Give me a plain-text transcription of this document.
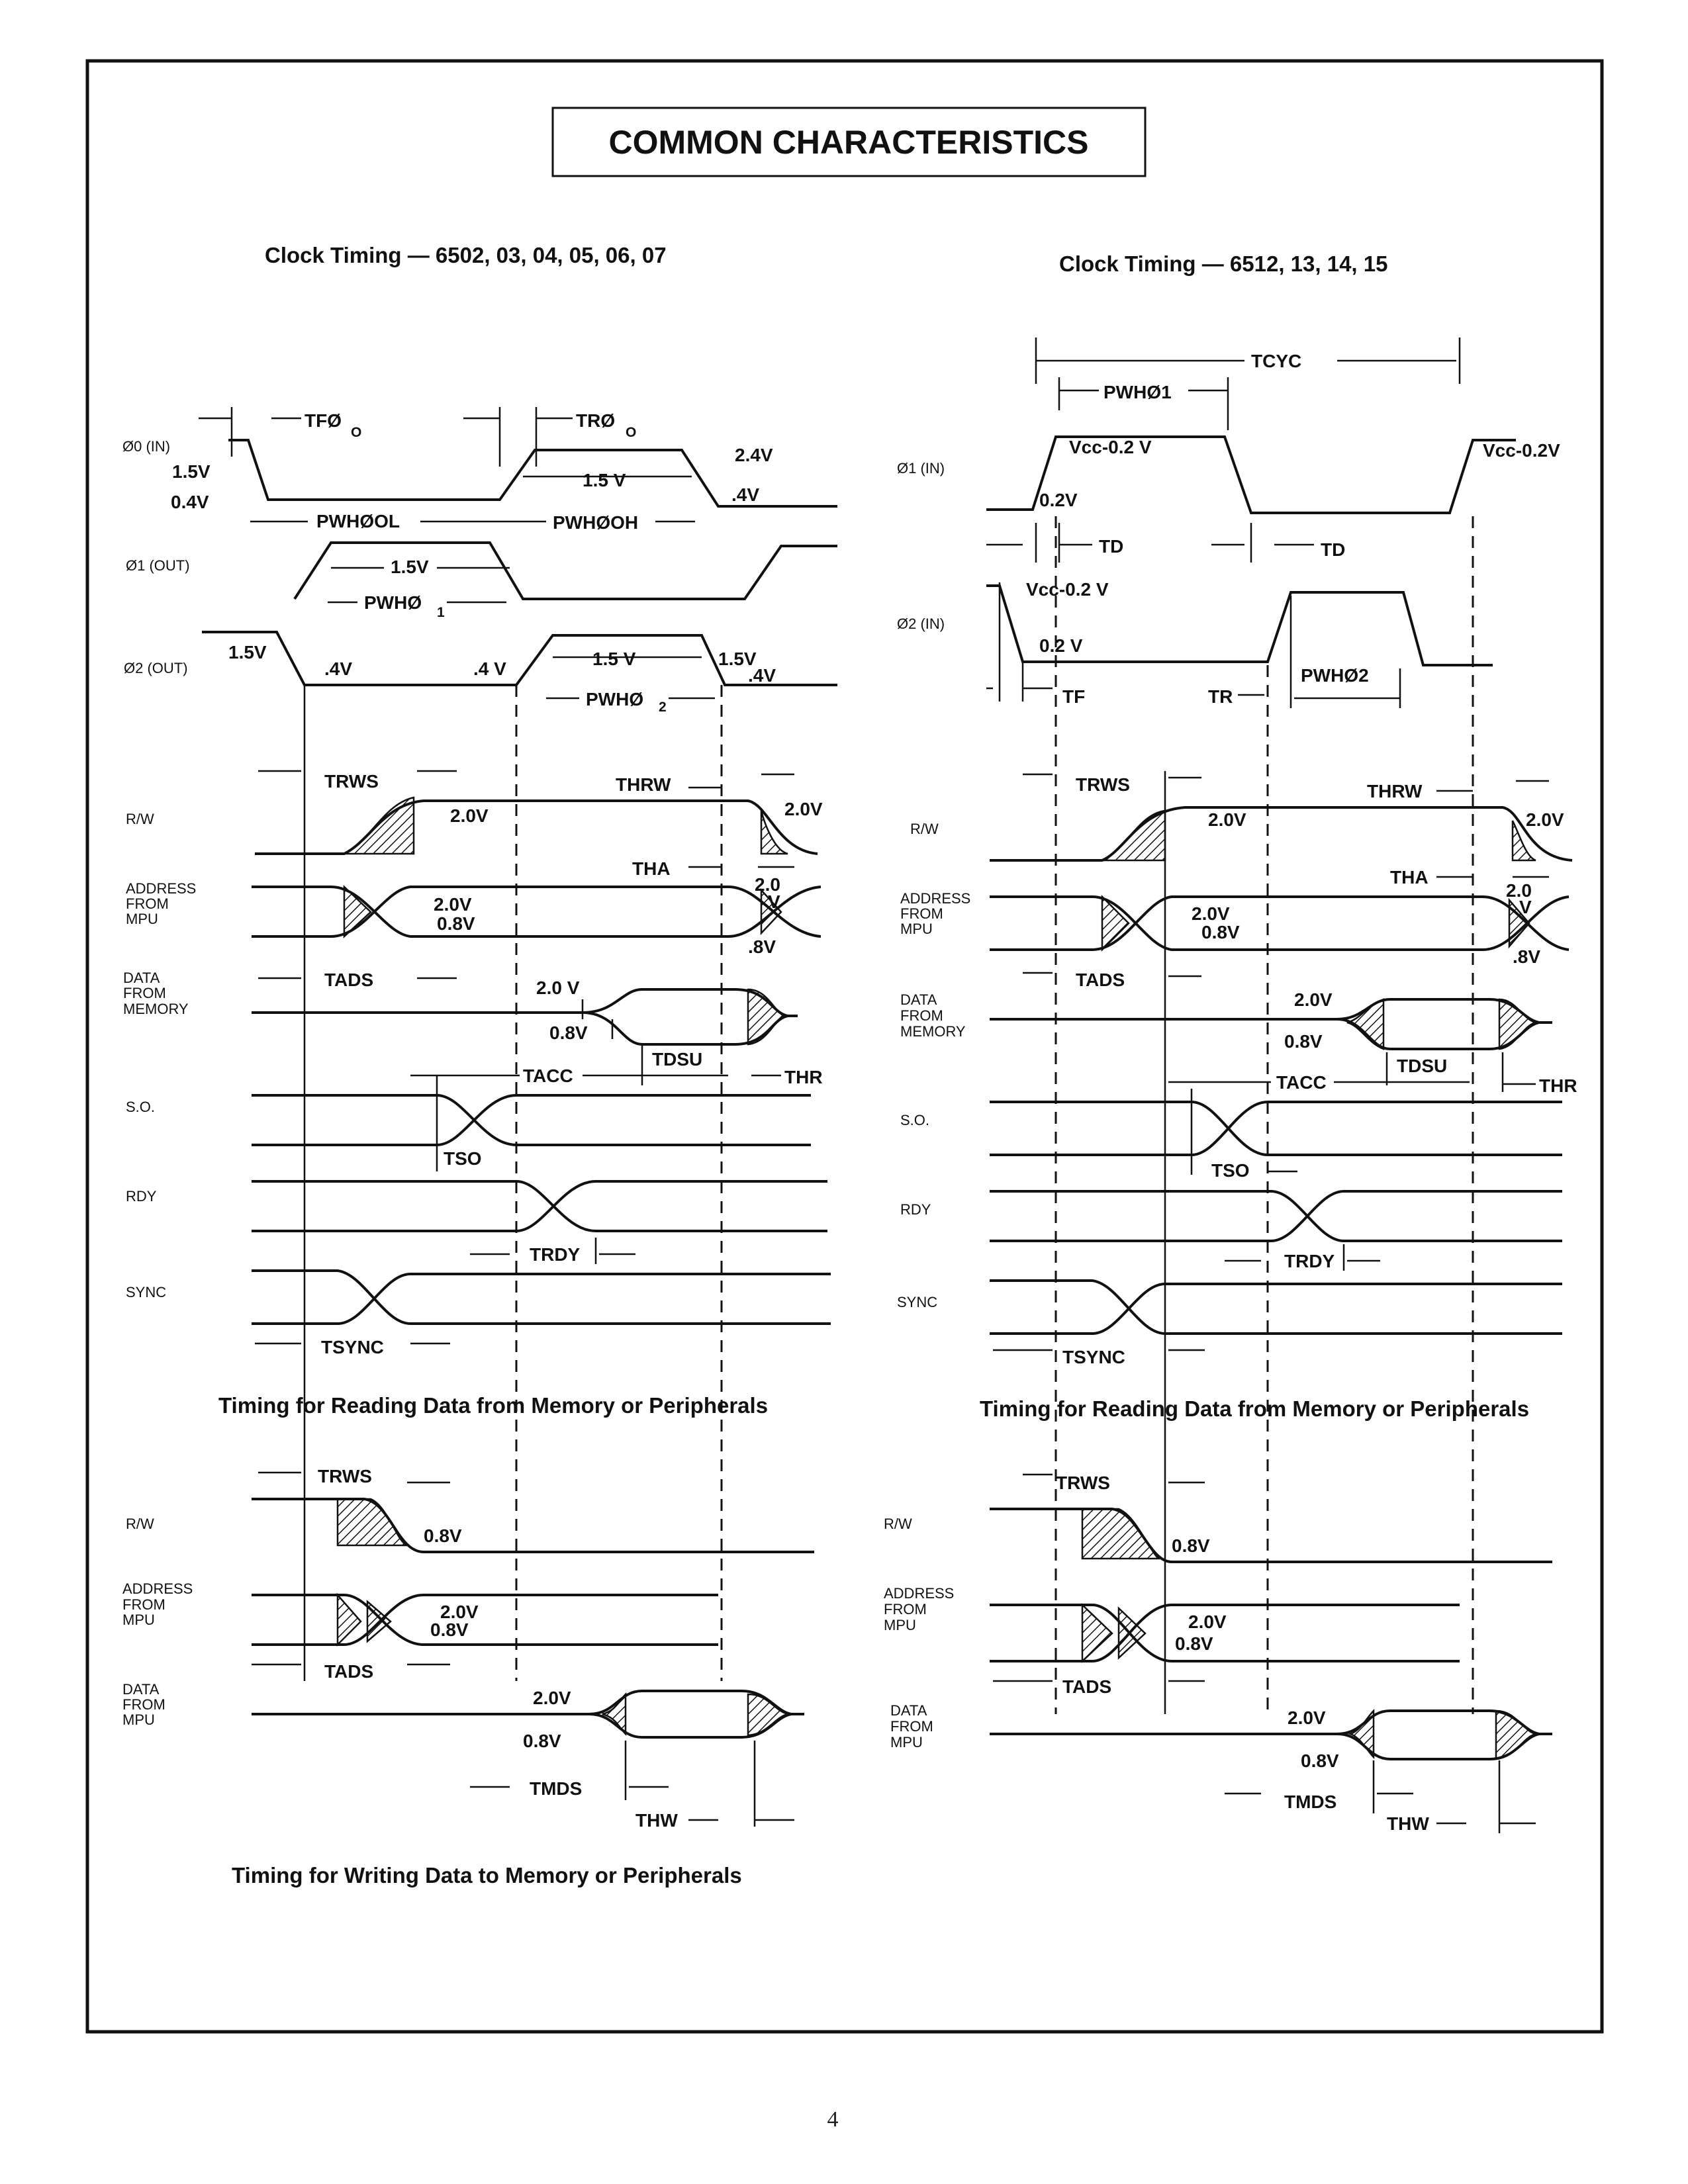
COMMON CHARACTERISTICS
Clock Timing — 6502, 03, 04, 05, 06, 07	Clock Timing — 6512, 13, 14, 15
Ø0 (IN)
1.5V
0.4V
2.4V
.4V
1.5 V
TFØ
O
TRØ
O
PWHØOL	PWHØOH
Ø1 (OUT)	1.5V
PWHØ 1
Ø2 (OUT)
1.5V
.4V	.4 V	1.5 V	1.5V
.4V
PWHØ 2
TRWS	THRW
R/W	2.0V	2.0V
THA
ADDRESS
FROM
MPU
2.0V
0.8V
2.0
V
.8V
TADS
DATA
FROM
MEMORY
2.0 V
0.8V
TDSU
TACC	THR
S.O.
TSO
RDY
TRDY
SYNC
TSYNC
Timing for Reading Data from Memory or Peripherals
TRWS
R/W
0.8V
ADDRESS
FROM
MPU	2.0V
0.8V
TADS
DATA
FROM
MPU
2.0V
0.8V
TMDS
THW
Timing for Writing Data to Memory or Peripherals
TCYC
PWHØ1
Ø1 (IN)
Vcc-0.2 V	Vcc-0.2V
0.2V
TD	TD
Ø2 (IN)
Vcc-0.2 V
0.2 V
TF	TR
PWHØ2
TRWS	THRW
R/W	2.0V	2.0V
THA
ADDRESS
FROM
MPU
2.0V
0.8V
2.0
V
.8V
TADS
DATA
FROM
MEMORY
2.0V
0.8V
TDSU
TACC	THR
S.O.
TSO
RDY
TRDY
SYNC
TSYNC
Timing for Reading Data from Memory or Peripherals
TRWS
R/W
0.8V
ADDRESS
FROM
MPU	2.0V
0.8V
TADS
DATA
FROM
MPU
2.0V
0.8V
TMDS
THW
4
